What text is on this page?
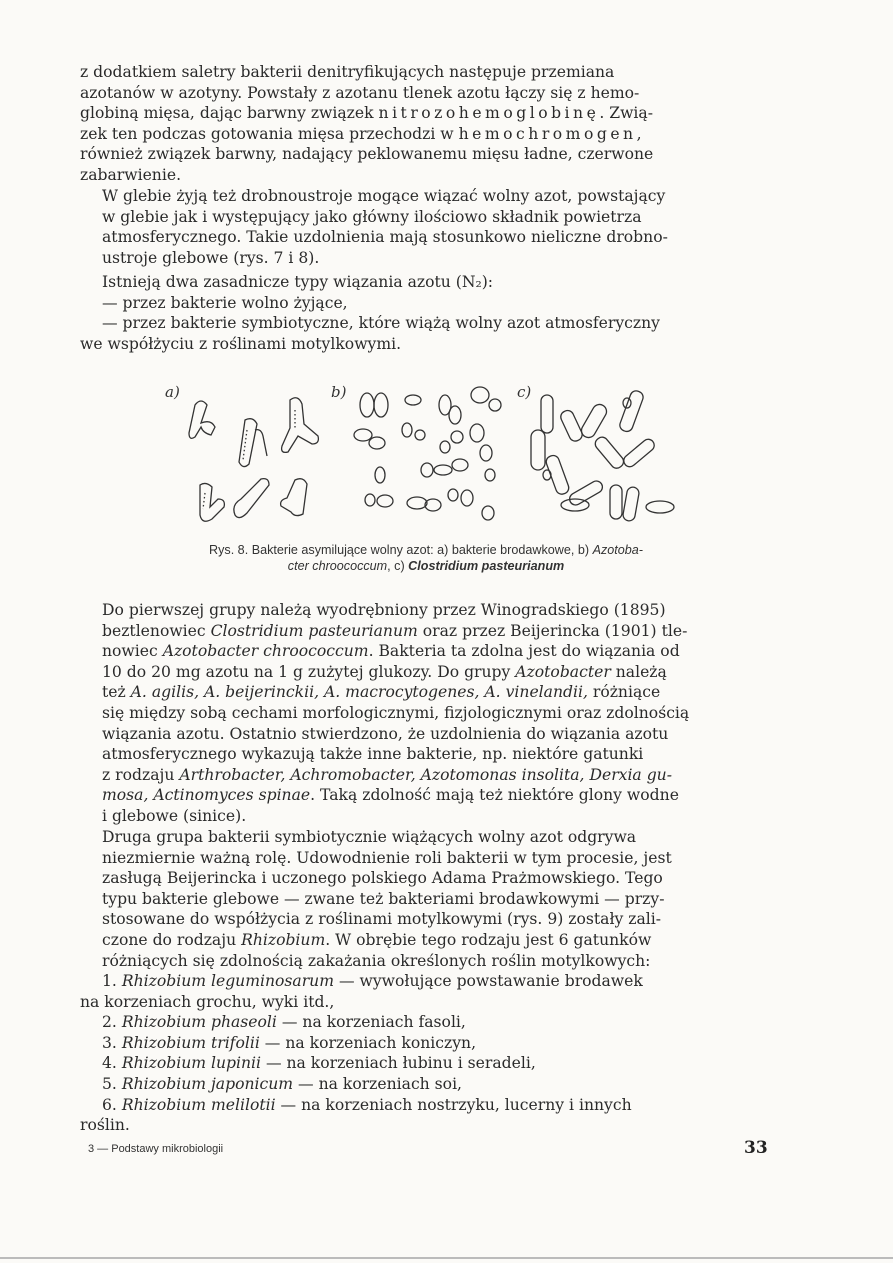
z dodatkiem saletry bakterii denitryfikujących następuje przemiana
azotanów w azotyny. Powstały z azotanu tlenek azotu łączy się z hemo-
globiną mięsa, dając barwny związek nitrozohemoglobinę. Zwią-
zek ten podczas gotowania mięsa przechodzi w hemochromogen,
również związek barwny, nadający peklowanemu mięsu ładne, czerwone
zabarwienie.

W glebie żyją też drobnoustroje mogące wiązać wolny azot, powstający
w glebie jak i występujący jako główny ilościowo składnik powietrza
atmosferycznego. Takie uzdolnienia mają stosunkowo nieliczne drobno-
ustroje glebowe (rys. 7 i 8).

Istnieją dwa zasadnicze typy wiązania azotu (N₂):

— przez bakterie wolno żyjące,
— przez bakterie symbiotyczne, które wiążą wolny azot atmosferyczny

we współżyciu z roślinami motylkowymi.

a)	b)	c)
Rys. 8. Bakterie asymilujące wolny azot: a) bakterie brodawkowe, b) Azotoba-
cter chroococcum, c) Clostridium pasteurianum

Do pierwszej grupy należą wyodrębniony przez Winogradskiego (1895)
beztlenowiec Clostridium pasteurianum oraz przez Beijerincka (1901) tle-
nowiec Azotobacter chroococcum. Bakteria ta zdolna jest do wiązania od
10 do 20 mg azotu na 1 g zużytej glukozy. Do grupy Azotobacter należą
też A. agilis, A. beijerinckii, A. macrocytogenes, A. vinelandii, różniące
się między sobą cechami morfologicznymi, fizjologicznymi oraz zdolnością
wiązania azotu. Ostatnio stwierdzono, że uzdolnienia do wiązania azotu
atmosferycznego wykazują także inne bakterie, np. niektóre gatunki
z rodzaju Arthrobacter, Achromobacter, Azotomonas insolita, Derxia gu-
mosa, Actinomyces spinae. Taką zdolność mają też niektóre glony wodne
i glebowe (sinice).

Druga grupa bakterii symbiotycznie wiążących wolny azot odgrywa
niezmiernie ważną rolę. Udowodnienie roli bakterii w tym procesie, jest
zasługą Beijerincka i uczonego polskiego Adama Prażmowskiego. Tego
typu bakterie glebowe — zwane też bakteriami brodawkowymi — przy-
stosowane do współżycia z roślinami motylkowymi (rys. 9) zostały zali-
czone do rodzaju Rhizobium. W obrębie tego rodzaju jest 6 gatunków
różniących się zdolnością zakażania określonych roślin motylkowych:

1. Rhizobium leguminosarum — wywołujące powstawanie brodawek
na korzeniach grochu, wyki itd.,

2. Rhizobium phaseoli — na korzeniach fasoli,

3. Rhizobium trifolii — na korzeniach koniczyn,

4. Rhizobium lupinii — na korzeniach łubinu i seradeli,

5. Rhizobium japonicum — na korzeniach soi,

6. Rhizobium melilotii — na korzeniach nostrzyku, lucerny i innych
roślin.

3 — Podstawy mikrobiologii	33
